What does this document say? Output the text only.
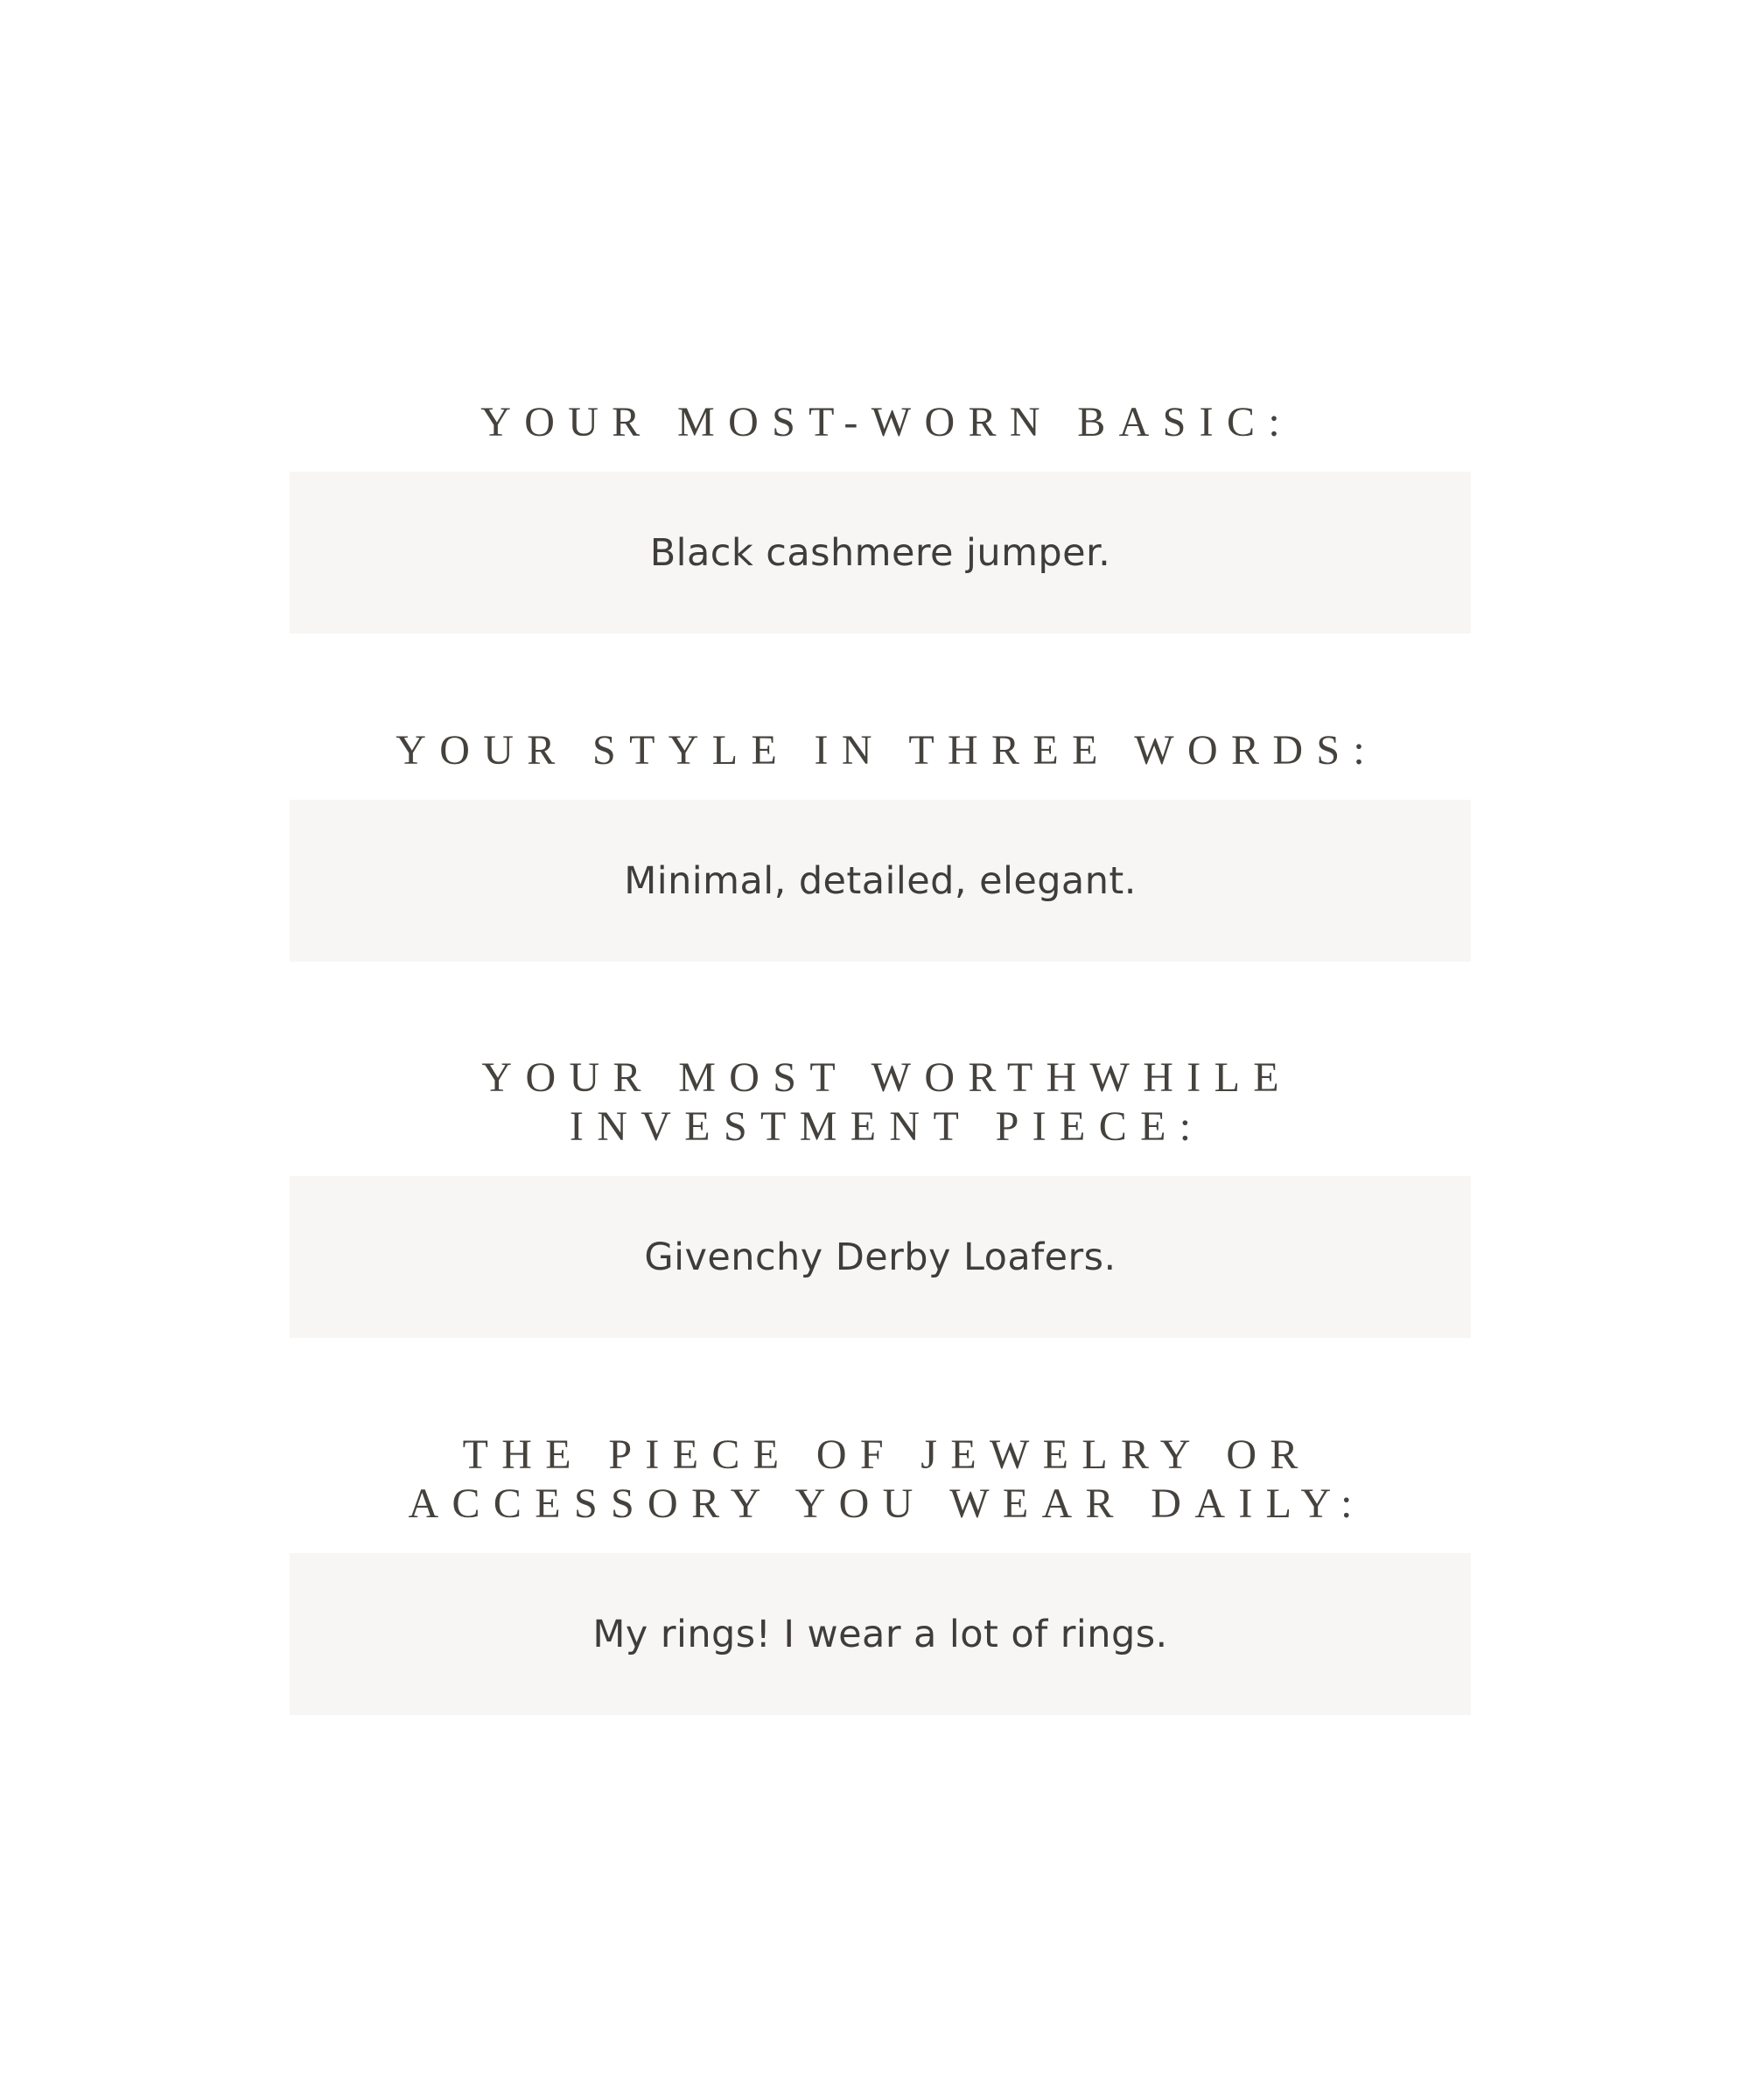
YOUR MOST-WORN BASIC:
Black cashmere jumper.
YOUR STYLE IN THREE WORDS:
Minimal, detailed, elegant.
YOUR MOST WORTHWHILE
INVESTMENT PIECE:
Givenchy Derby Loafers.
THE PIECE OF JEWELRY OR
ACCESSORY YOU WEAR DAILY:
My rings! I wear a lot of rings.
